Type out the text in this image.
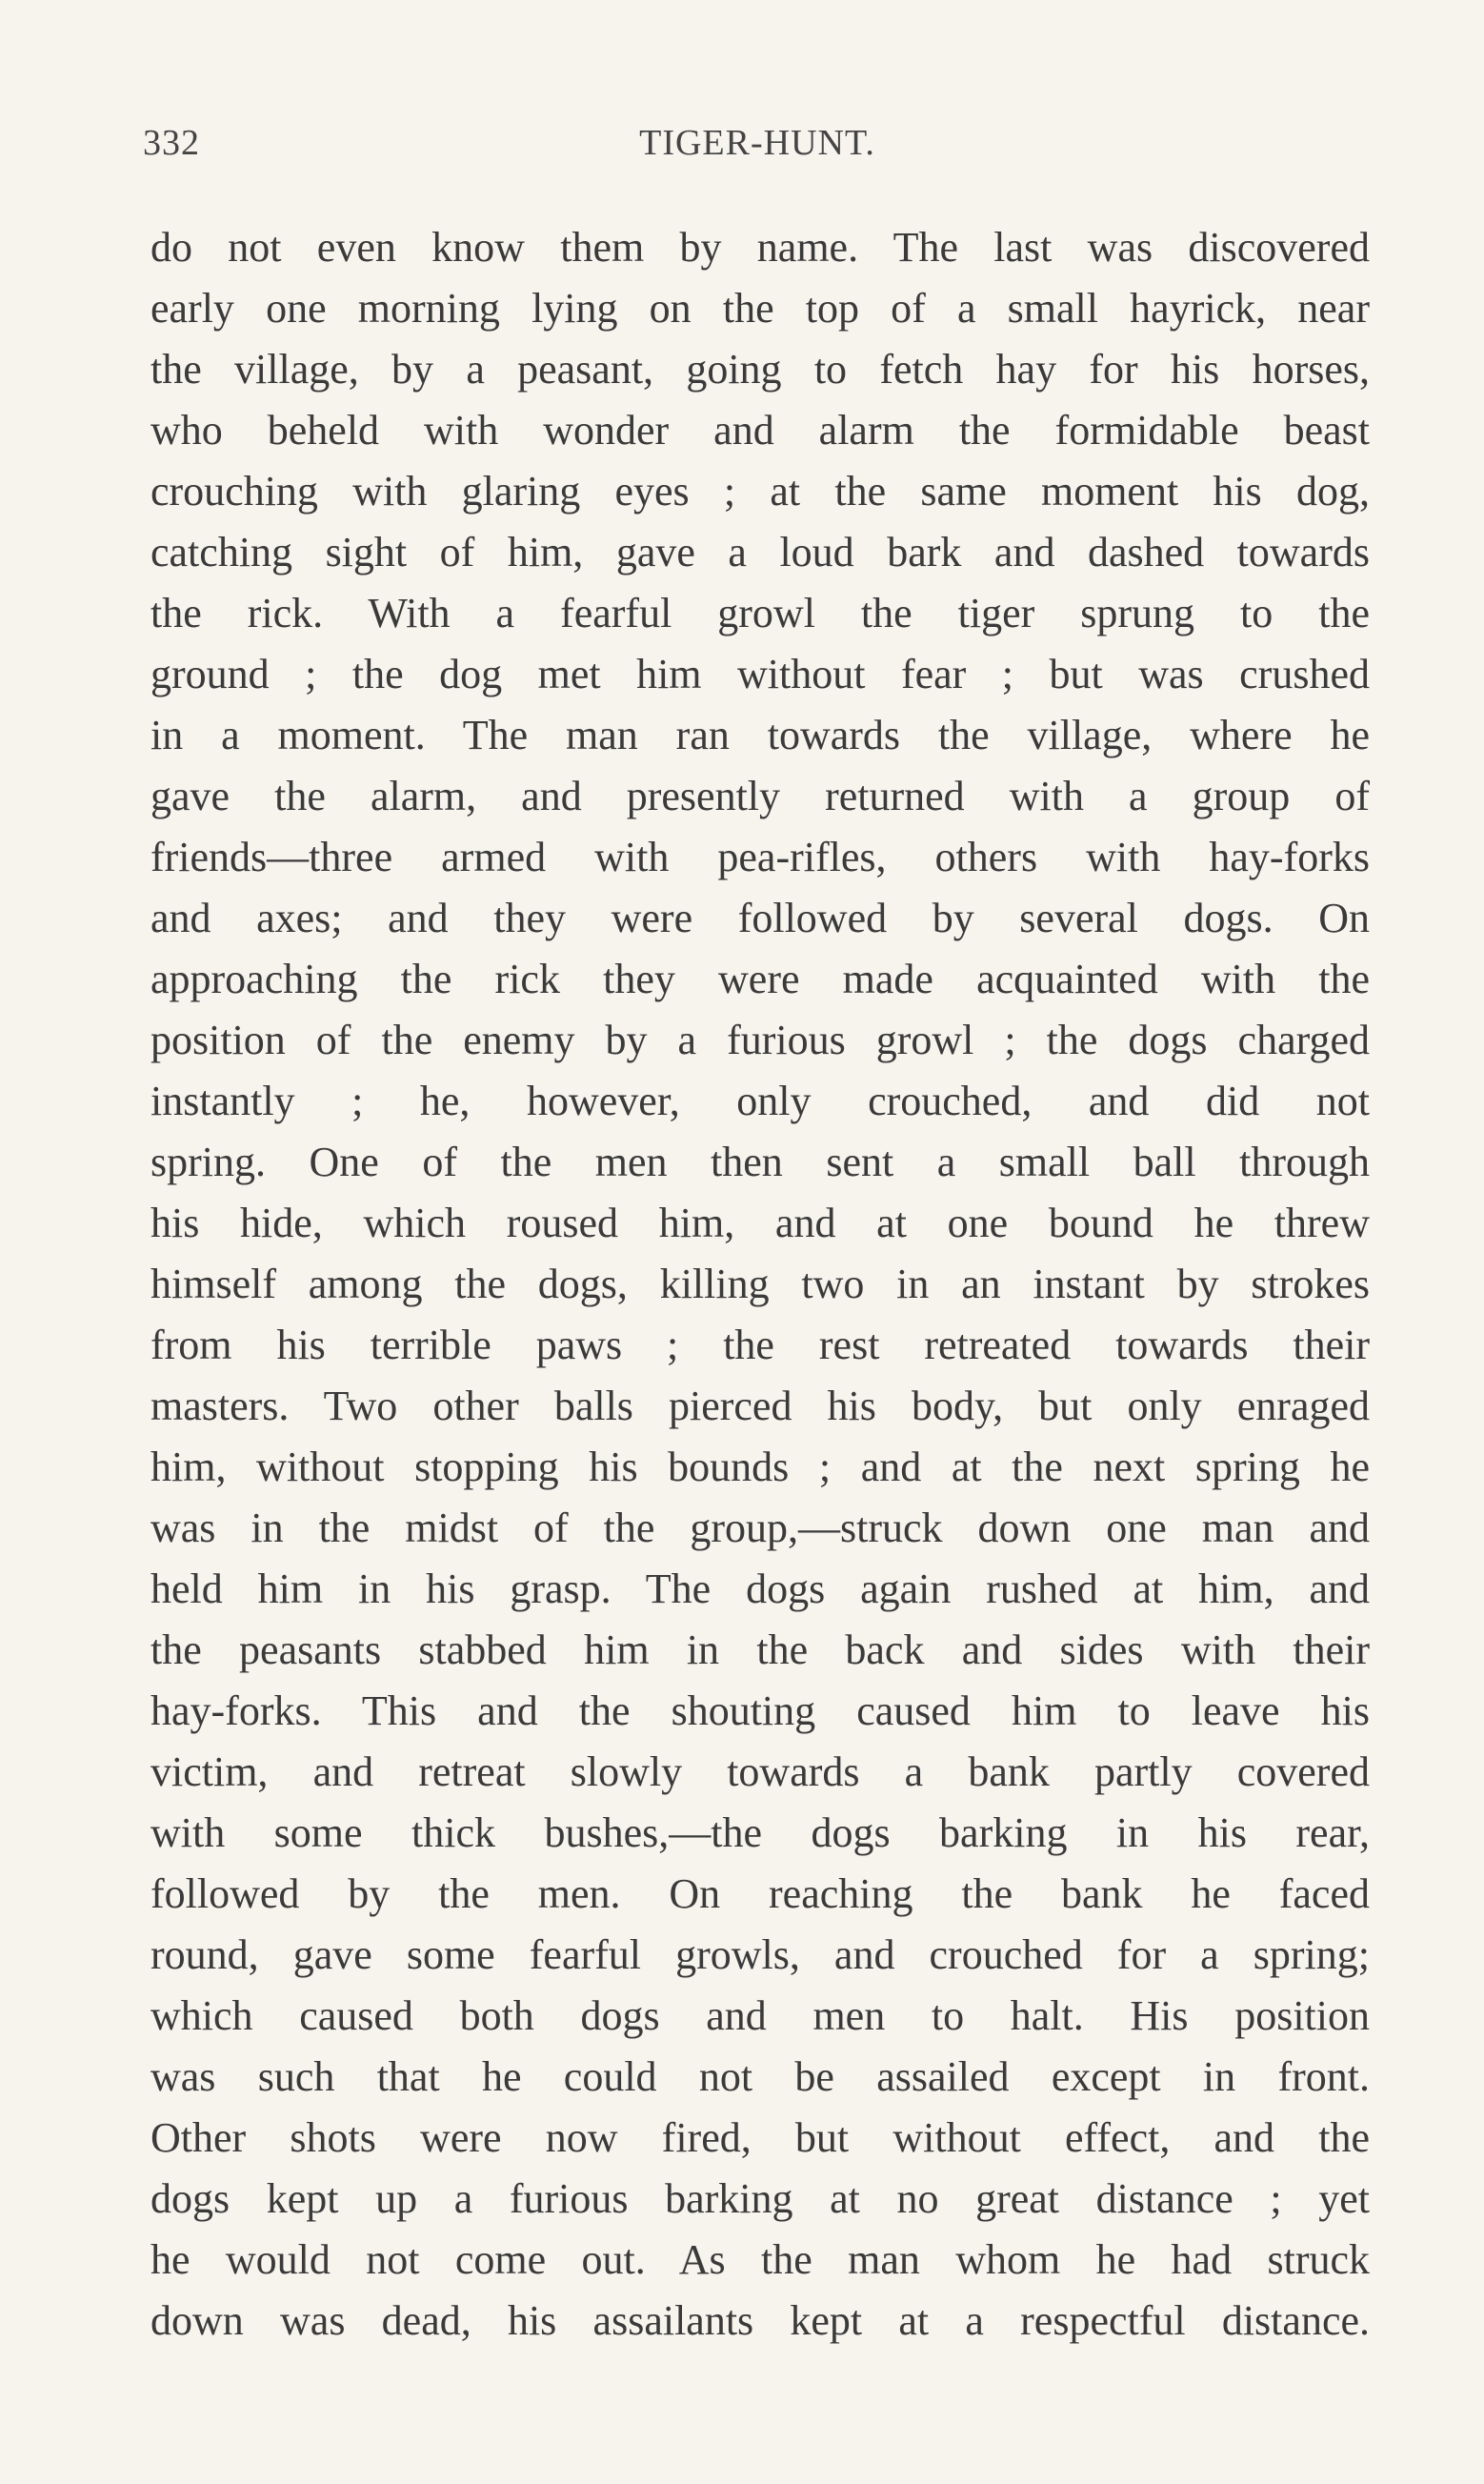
332	TIGER-HUNT.
do not even know them by name. The last was discovered
early one morning lying on the top of a small hayrick, near
the village, by a peasant, going to fetch hay for his horses,
who beheld with wonder and alarm the formidable beast
crouching with glaring eyes ; at the same moment his dog,
catching sight of him, gave a loud bark and dashed towards
the rick. With a fearful growl the tiger sprung to the
ground ; the dog met him without fear ; but was crushed
in a moment. The man ran towards the village, where he
gave the alarm, and presently returned with a group of
friends—three armed with pea-rifles, others with hay-forks
and axes; and they were followed by several dogs. On
approaching the rick they were made acquainted with the
position of the enemy by a furious growl ; the dogs charged
instantly ; he, however, only crouched, and did not
spring. One of the men then sent a small ball through
his hide, which roused him, and at one bound he threw
himself among the dogs, killing two in an instant by strokes
from his terrible paws ; the rest retreated towards their
masters. Two other balls pierced his body, but only enraged
him, without stopping his bounds ; and at the next spring he
was in the midst of the group,—struck down one man and
held him in his grasp. The dogs again rushed at him, and
the peasants stabbed him in the back and sides with their
hay-forks. This and the shouting caused him to leave his
victim, and retreat slowly towards a bank partly covered
with some thick bushes,—the dogs barking in his rear,
followed by the men. On reaching the bank he faced
round, gave some fearful growls, and crouched for a spring;
which caused both dogs and men to halt. His position
was such that he could not be assailed except in front.
Other shots were now fired, but without effect, and the
dogs kept up a furious barking at no great distance ; yet
he would not come out. As the man whom he had struck
down was dead, his assailants kept at a respectful distance.
